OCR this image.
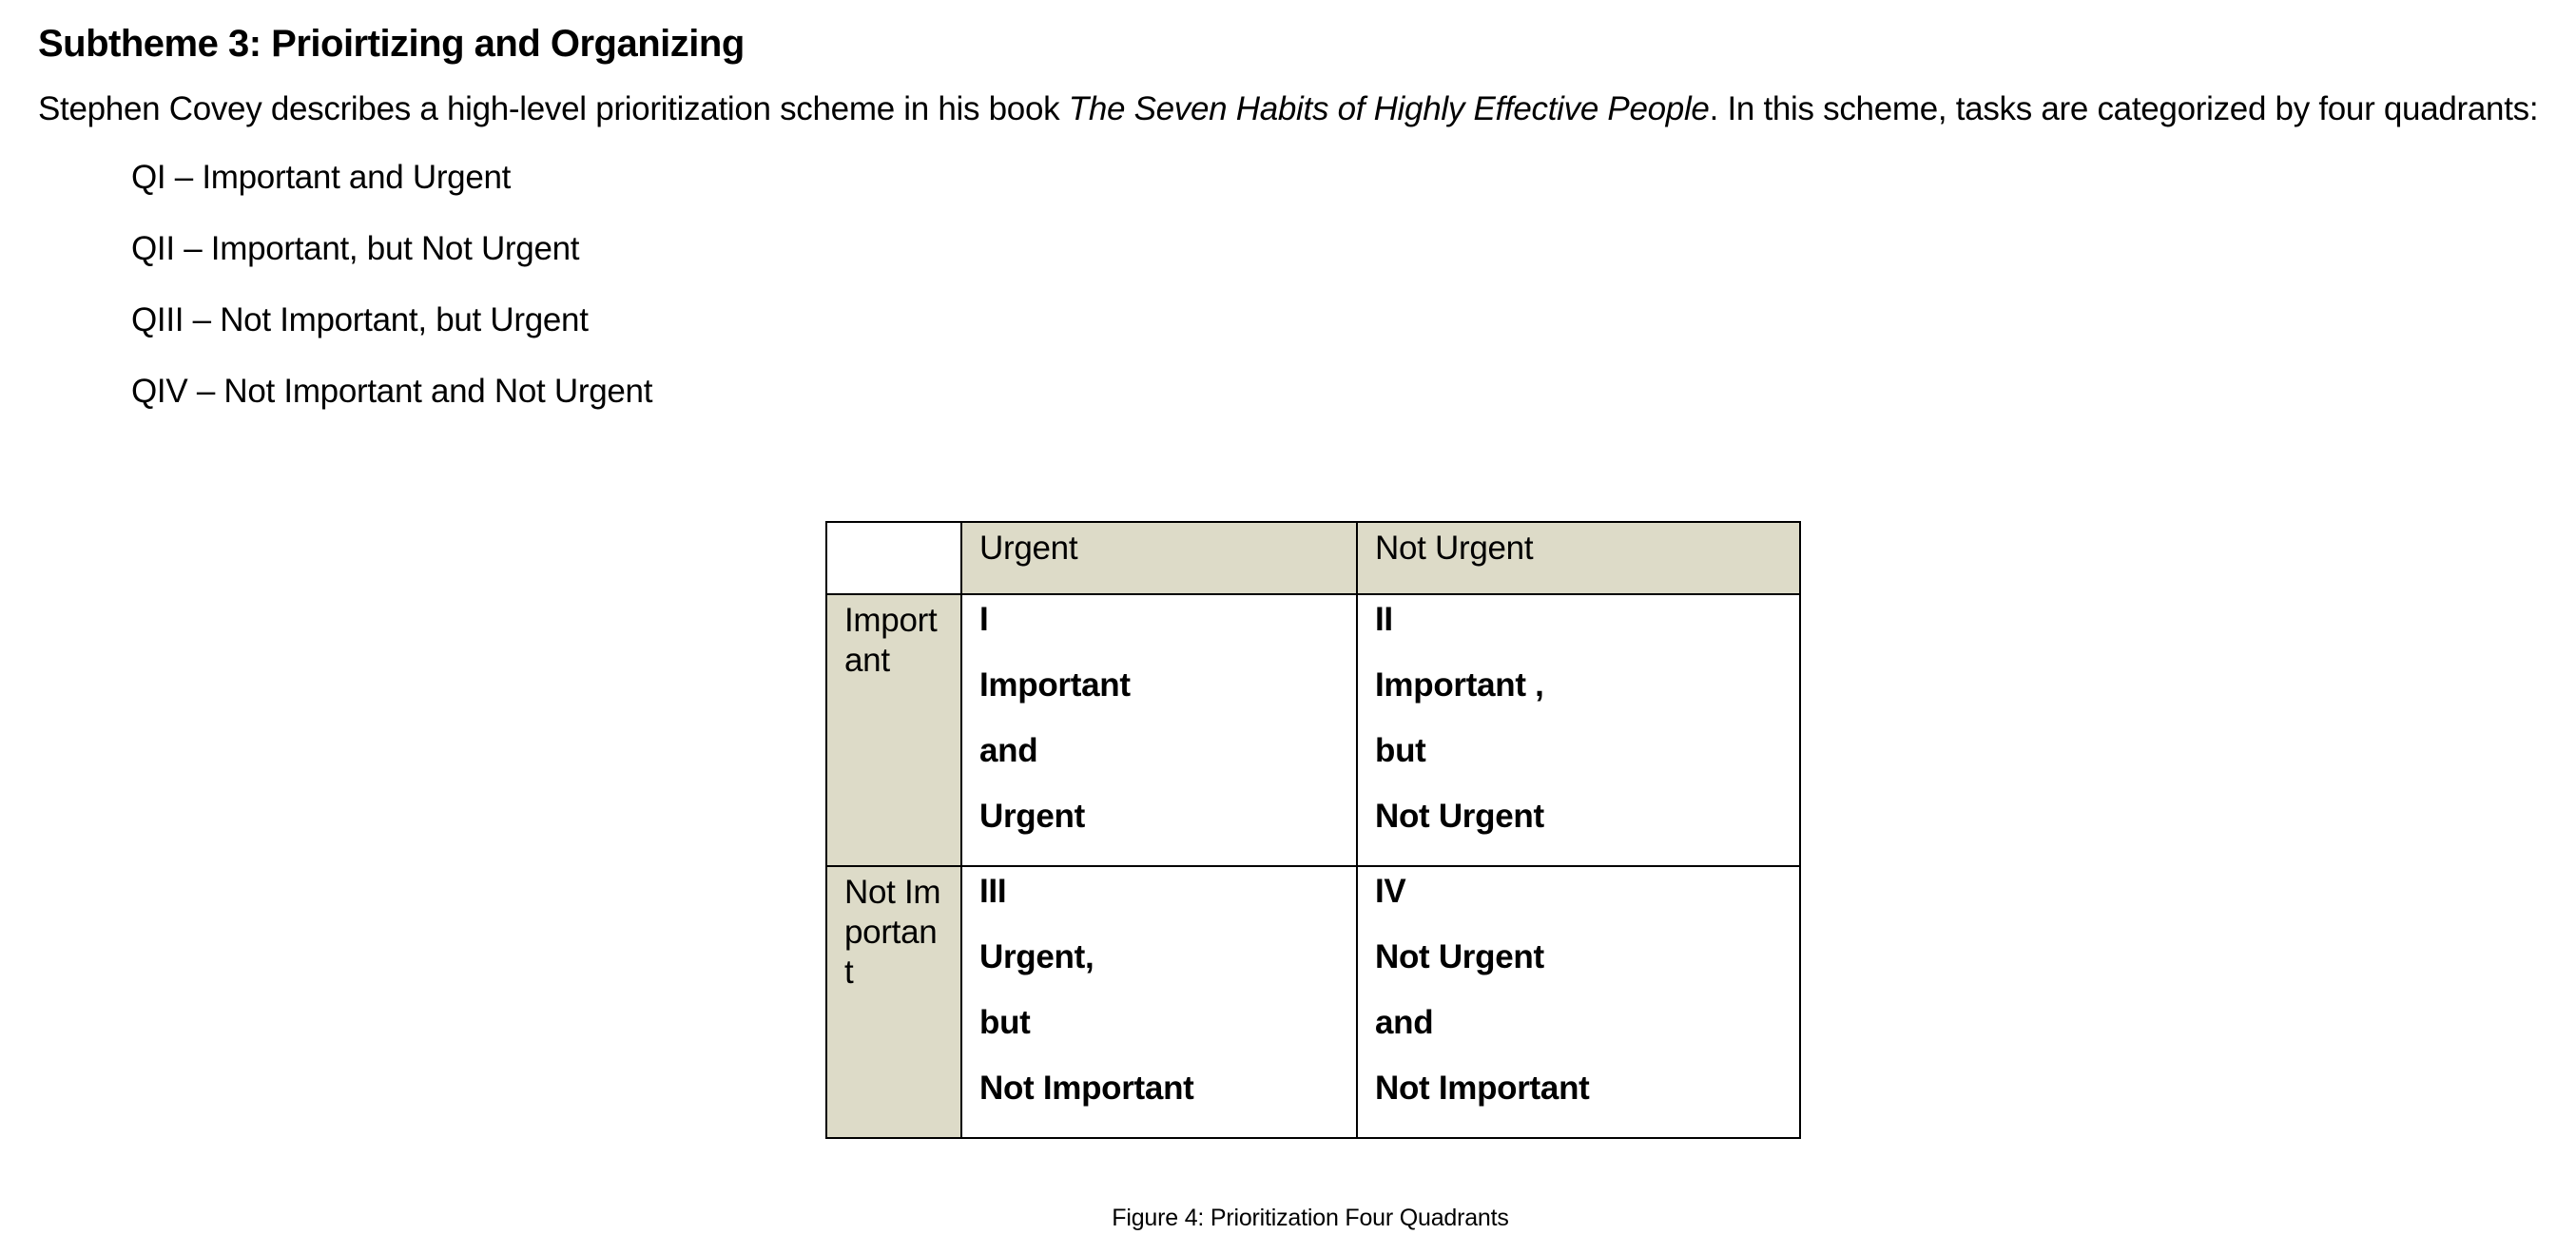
Subtheme 3: Prioirtizing and Organizing

Stephen Covey describes a high-level prioritization scheme in his book The Seven Habits of Highly Effective People. In this scheme, tasks are categorized by four quadrants:

QI – Important and Urgent
QII – Important, but Not Urgent
QIII – Not Important, but Urgent
QIV – Not Important and Not Urgent
	Urgent	Not Urgent
Important	I
Important
and
Urgent	II
Important ,
but
Not Urgent

Not Important	III
Urgent,
but
Not Important	IV
Not Urgent
and
Not Important
Figure 4: Prioritization Four Quadrants
